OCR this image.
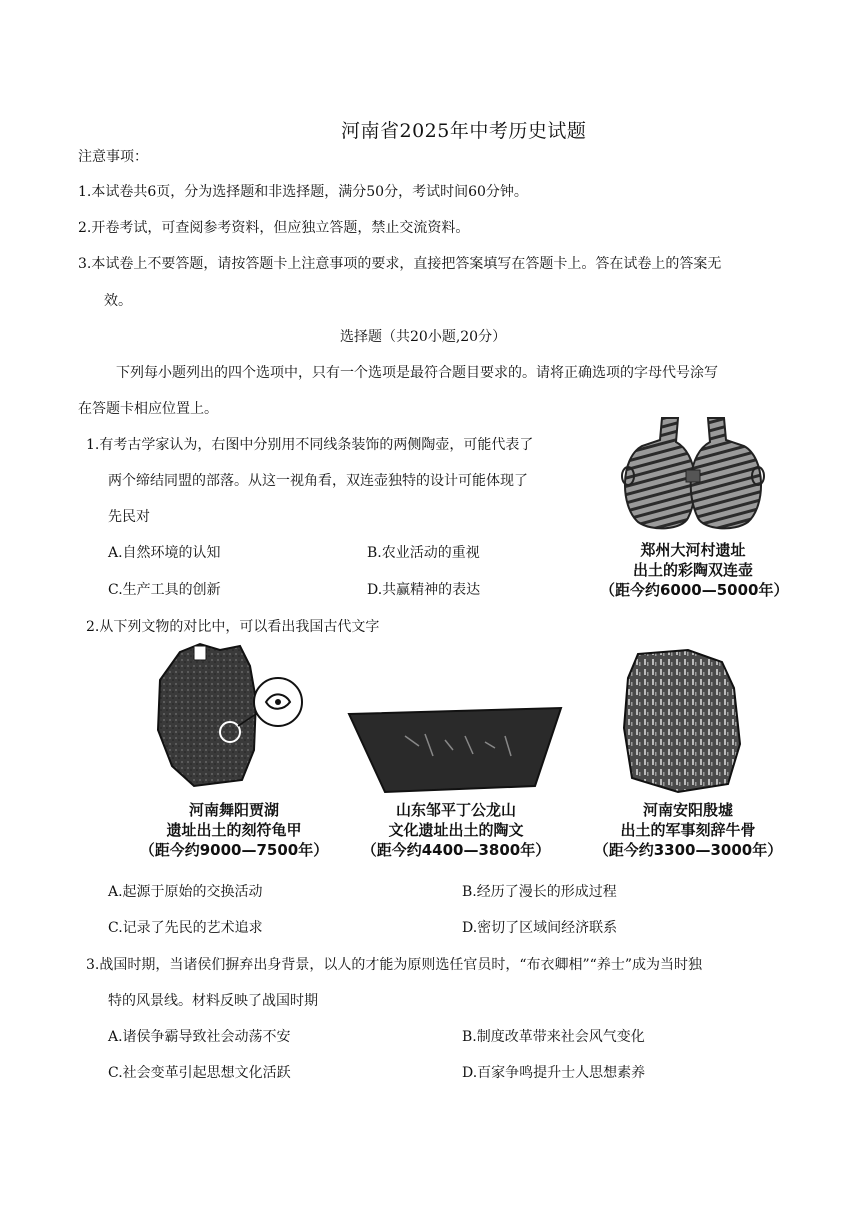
河南省2025年中考历史试题
注意事项：
1.本试卷共6页，分为选择题和非选择题，满分50分，考试时间60分钟。
2.开卷考试，可查阅参考资料，但应独立答题，禁止交流资料。
3.本试卷上不要答题，请按答题卡上注意事项的要求，直接把答案填写在答题卡上。答在试卷上的答案无
效。
选择题（共20小题,20分）
下列每小题列出的四个选项中，只有一个选项是最符合题目要求的。请将正确选项的字母代号涂写
在答题卡相应位置上。
1.有考古学家认为，右图中分别用不同线条装饰的两侧陶壶，可能代表了
两个缔结同盟的部落。从这一视角看，双连壶独特的设计可能体现了
先民对
A.自然环境的认知	B.农业活动的重视
C.生产工具的创新	D.共赢精神的表达
郑州大河村遗址
出土的彩陶双连壶
（距今约6000—5000年）
2.从下列文物的对比中，可以看出我国古代文字
河南舞阳贾湖
遗址出土的刻符龟甲
（距今约9000—7500年）
山东邹平丁公龙山
文化遗址出土的陶文
（距今约4400—3800年）
河南安阳殷墟
出土的军事刻辞牛骨
（距今约3300—3000年）
A.起源于原始的交换活动	B.经历了漫长的形成过程
C.记录了先民的艺术追求	D.密切了区域间经济联系
3.战国时期，当诸侯们摒弃出身背景，以人的才能为原则选任官员时，“布衣卿相”“养士”成为当时独
特的风景线。材料反映了战国时期
A.诸侯争霸导致社会动荡不安	B.制度改革带来社会风气变化
C.社会变革引起思想文化活跃	D.百家争鸣提升士人思想素养
